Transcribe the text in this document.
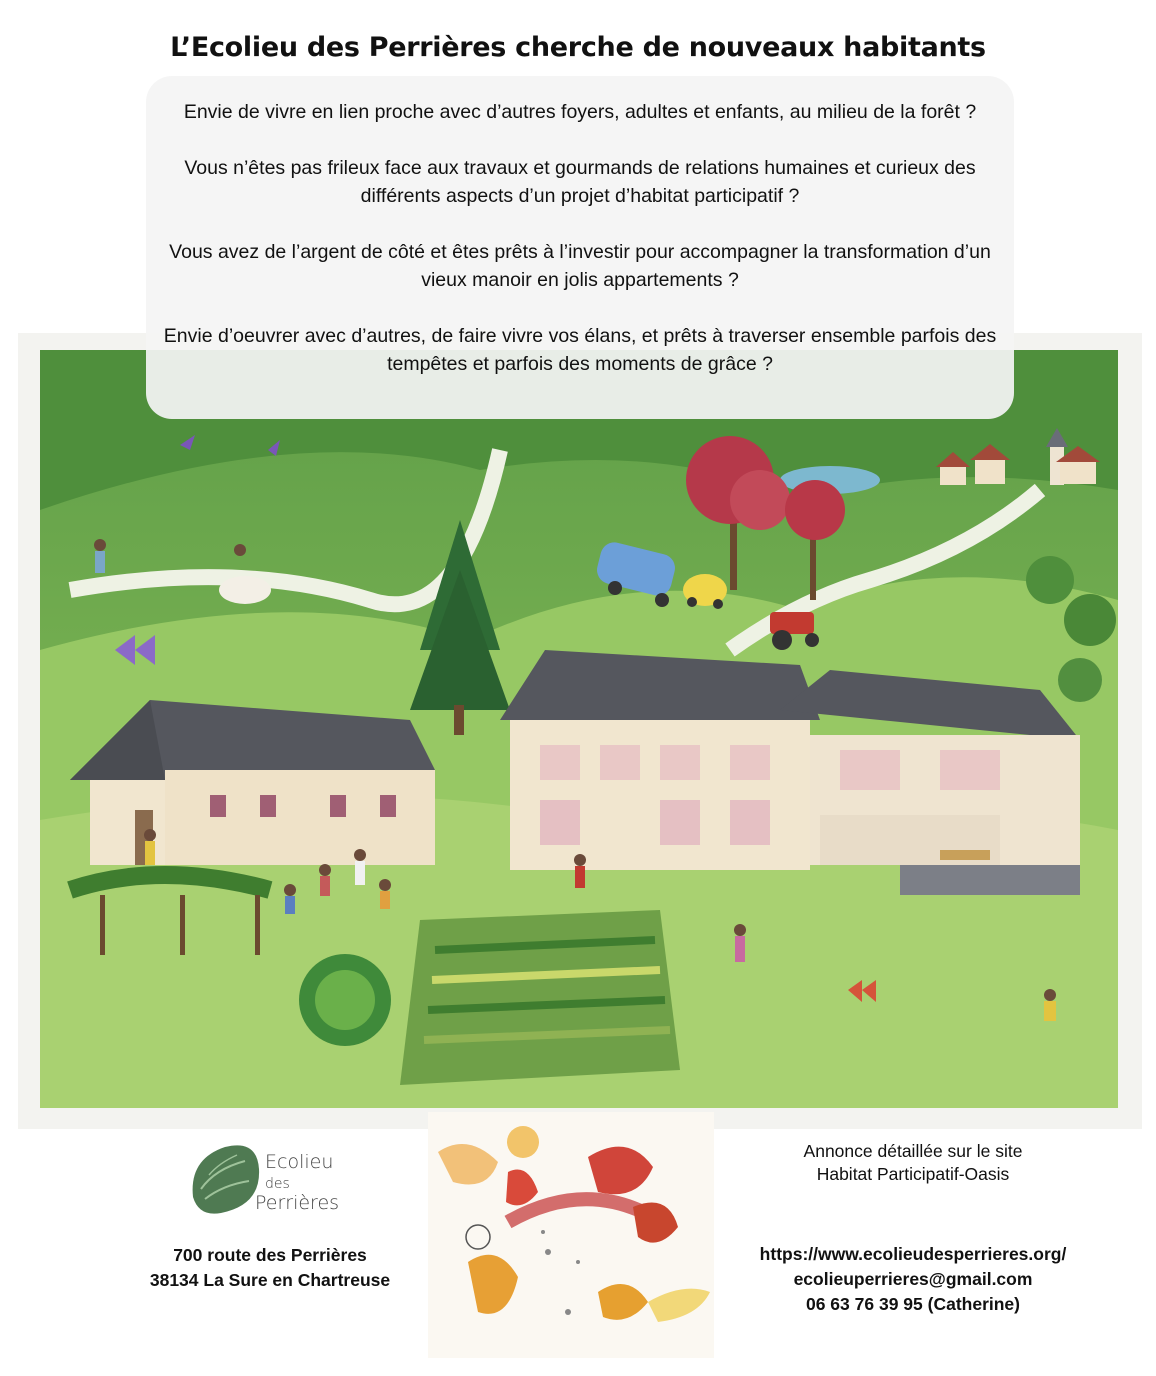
L’Ecolieu des Perrières cherche de nouveaux habitants

Envie de vivre en lien proche avec d’autres foyers, adultes et enfants, au milieu de la forêt ?

Vous n’êtes pas frileux face aux travaux et gourmands de relations humaines et curieux des différents aspects d’un projet d’habitat participatif ?

Vous avez de l’argent de côté et êtes prêts à l’investir pour accompagner la transformation d’un vieux manoir en jolis appartements ?

Envie d’oeuvrer avec d’autres, de faire vivre vos élans, et prêts à traverser ensemble parfois des tempêtes et parfois des moments de grâce ?

Ecolieu
des
Perrières
700 route des Perrières
38134 La Sure en Chartreuse
Annonce détaillée sur le site
Habitat Participatif-Oasis
https://www.ecolieudesperrieres.org/
ecolieuperrieres@gmail.com
06 63 76 39 95 (Catherine)
